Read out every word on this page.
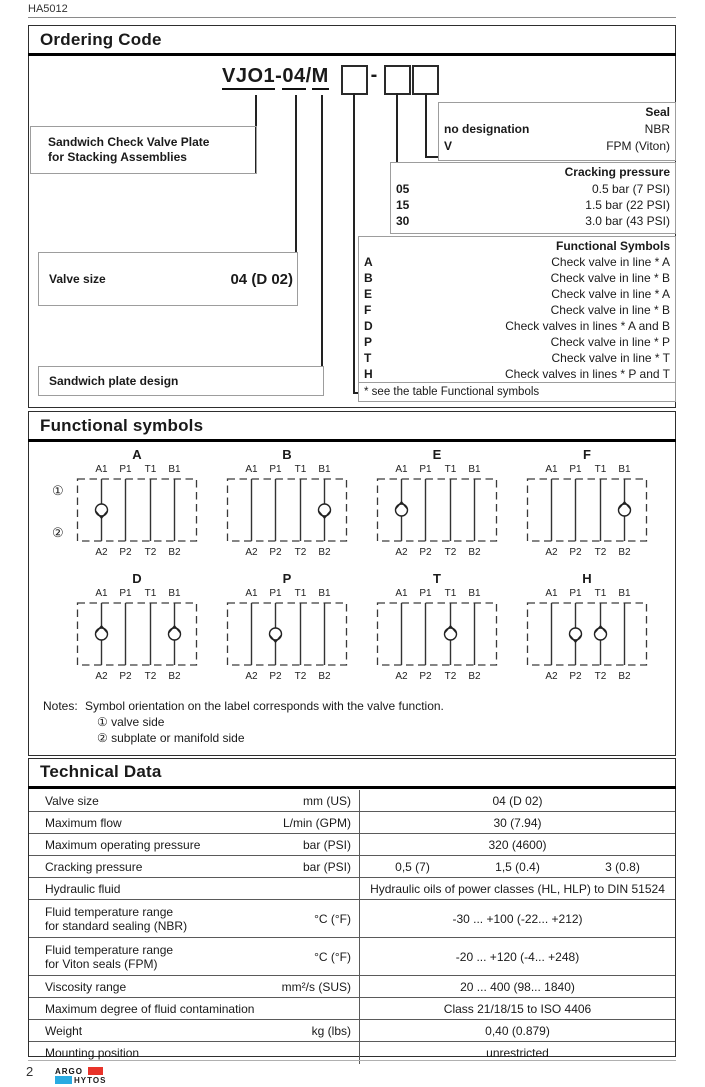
HA5012
Ordering Code
Functional symbols
Technical Data
VJO1-04/M -
Sandwich Check Valve Plate
for Stacking Assemblies
Valve size	04 (D 02)
Sandwich plate design
Seal
no designation	NBR
V	FPM (Viton)
Cracking pressure
05	0.5 bar (7 PSI)
15	1.5 bar (22 PSI)
30	3.0 bar (43 PSI)
Functional Symbols
A	Check valve in line * A
B	Check valve in line * B
E	Check valve in line * A
F	Check valve in line * B
D	Check valves in lines * A and B
P	Check valve in line * P
T	Check valve in line * T
H	Check valves in lines * P and T
* see the table Functional symbols
A
A1	P1	T1	B1
A2	P2	T2	B2
B
A1	P1	T1	B1
A2	P2	T2	B2
E
A1	P1	T1	B1
A2	P2	T2	B2
F
A1	P1	T1	B1
A2	P2	T2	B2
D
A1	P1	T1	B1
A2	P2	T2	B2
P
A1	P1	T1	B1
A2	P2	T2	B2
T
A1	P1	T1	B1
A2	P2	T2	B2
H
A1	P1	T1	B1
A2	P2	T2	B2
①
②
Notes: Symbol orientation on the label corresponds with the valve function.
① valve side
② subplate or manifold side
Valve size	mm (US)	04 (D 02)
Maximum flow	L/min (GPM)	30 (7.94)
Maximum operating pressure	bar (PSI)	320 (4600)
Cracking pressure	bar (PSI)	0,5 (7)	1,5 (0.4)	3 (0.8)
Hydraulic fluid	Hydraulic oils of power classes (HL, HLP) to DIN 51524
Fluid temperature range
for standard sealing (NBR)	°C (°F)	-30 ... +100 (-22... +212)
Fluid temperature range
for Viton seals (FPM)	°C (°F)	-20 ... +120 (-4... +248)
Viscosity range	mm²/s (SUS)	20 ... 400 (98... 1840)
Maximum degree of fluid contamination	Class 21/18/15 to ISO 4406
Weight	kg (lbs)	0,40 (0.879)
Mounting position	unrestricted
2	ARGO
HYTOS
